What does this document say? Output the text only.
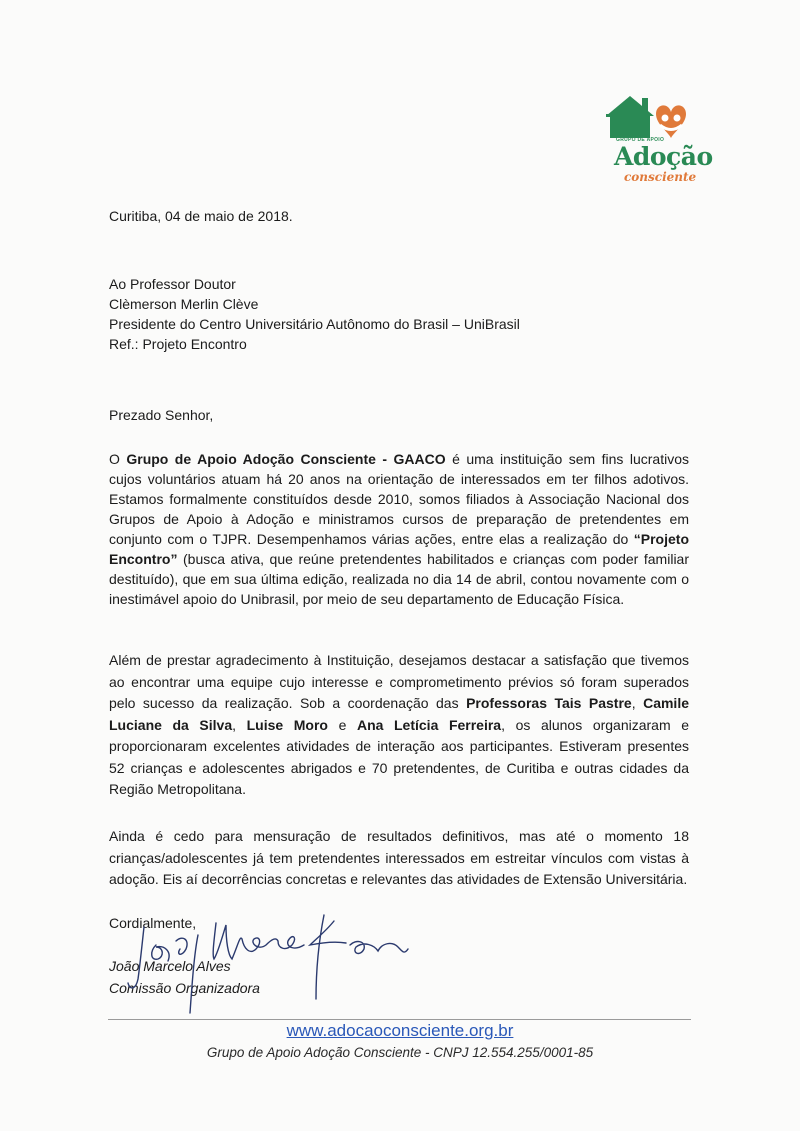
GRUPO DE APOIO
Adoção
consciente

Curitiba, 04 de maio de 2018.

Ao Professor Doutor
Clèmerson Merlin Clève
Presidente do Centro Universitário Autônomo do Brasil – UniBrasil
Ref.: Projeto Encontro

Prezado Senhor,

O Grupo de Apoio Adoção Consciente - GAACO é uma instituição sem fins lucrativos cujos voluntários atuam há 20 anos na orientação de interessados em ter filhos adotivos. Estamos formalmente constituídos desde 2010, somos filiados à Associação Nacional dos Grupos de Apoio à Adoção e ministramos cursos de preparação de pretendentes em conjunto com o TJPR. Desempenhamos várias ações, entre elas a realização do “Projeto Encontro” (busca ativa, que reúne pretendentes habilitados e crianças com poder familiar destituído), que em sua última edição, realizada no dia 14 de abril, contou novamente com o inestimável apoio do Unibrasil, por meio de seu departamento de Educação Física.

Além de prestar agradecimento à Instituição, desejamos destacar a satisfação que tivemos ao encontrar uma equipe cujo interesse e comprometimento prévios só foram superados pelo sucesso da realização. Sob a coordenação das Professoras Tais Pastre, Camile Luciane da Silva, Luise Moro e Ana Letícia Ferreira, os alunos organizaram e proporcionaram excelentes atividades de interação aos participantes. Estiveram presentes 52 crianças e adolescentes abrigados e 70 pretendentes, de Curitiba e outras cidades da Região Metropolitana.

Ainda é cedo para mensuração de resultados definitivos, mas até o momento 18 crianças/adolescentes já tem pretendentes interessados em estreitar vínculos com vistas à adoção. Eis aí decorrências concretas e relevantes das atividades de Extensão Universitária.

Cordialmente,

João Marcelo Alves

Comissão Organizadora

www.adocaoconsciente.org.br

Grupo de Apoio Adoção Consciente - CNPJ 12.554.255/0001-85
